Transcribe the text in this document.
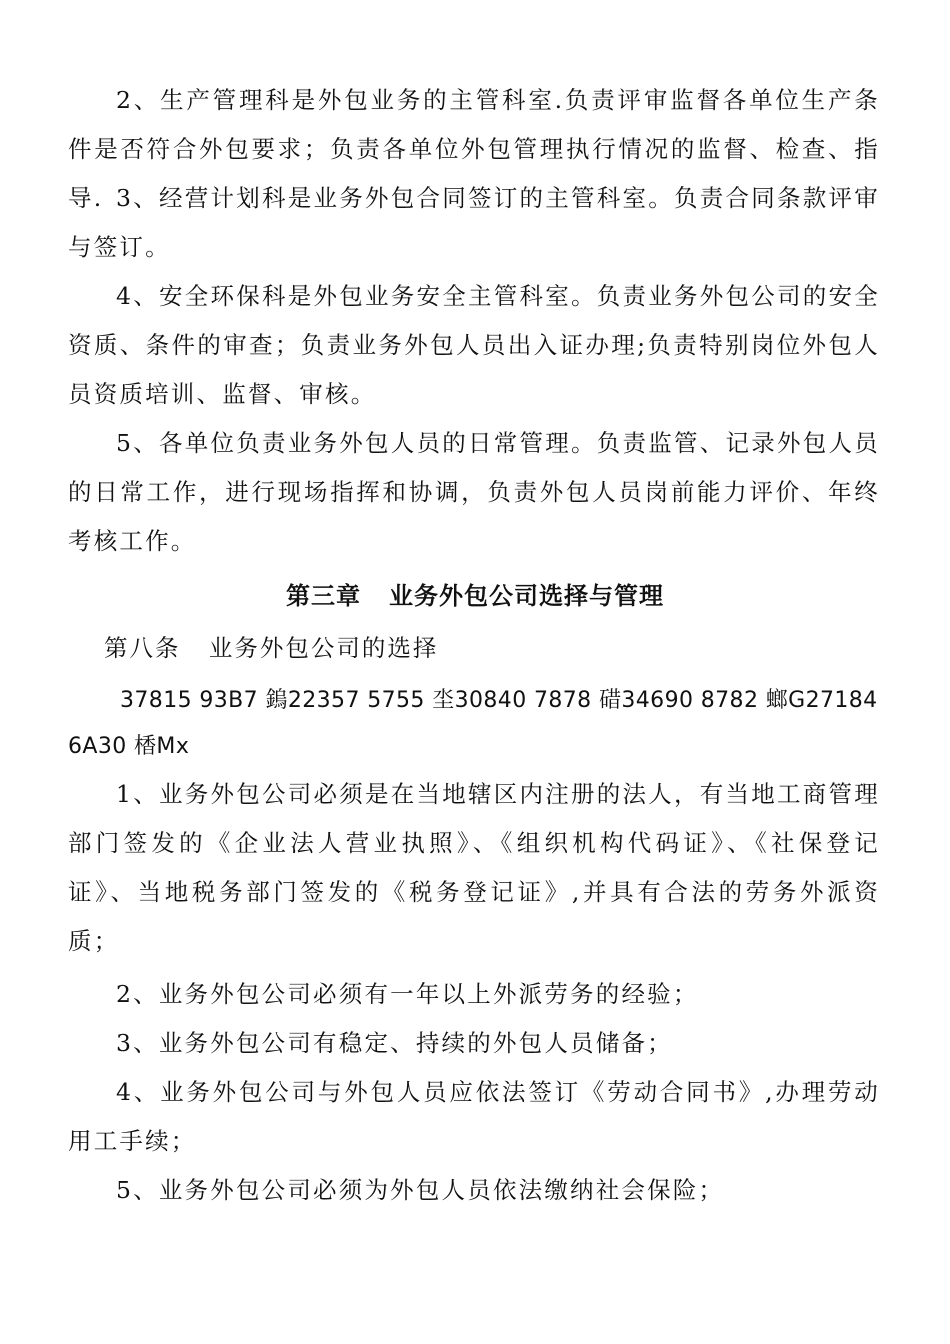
2、生产管理科是外包业务的主管科室.负责评审监督各单位生产条件是否符合外包要求；负责各单位外包管理执行情况的监督、检查、指导. 3、经营计划科是业务外包合同签订的主管科室。负责合同条款评审与签订。

4、安全环保科是外包业务安全主管科室。负责业务外包公司的安全资质、条件的审查；负责业务外包人员出入证办理;负责特别岗位外包人员资质培训、监督、审核。

5、各单位负责业务外包人员的日常管理。负责监管、记录外包人员的日常工作，进行现场指挥和协调，负责外包人员岗前能力评价、年终考核工作。

第三章   业务外包公司选择与管理

第八条   业务外包公司的选择

37815 93B7 鎢22357 5755 坔30840 7878 碏34690 8782 螂G27184 6A30 楿Mx

1、业务外包公司必须是在当地辖区内注册的法人，有当地工商管理部门签发的《企业法人营业执照》、《组织机构代码证》、《社保登记证》、当地税务部门签发的《税务登记证》,并具有合法的劳务外派资质；

2、业务外包公司必须有一年以上外派劳务的经验；

3、业务外包公司有稳定、持续的外包人员储备；

4、业务外包公司与外包人员应依法签订《劳动合同书》,办理劳动用工手续；

5、业务外包公司必须为外包人员依法缴纳社会保险；
